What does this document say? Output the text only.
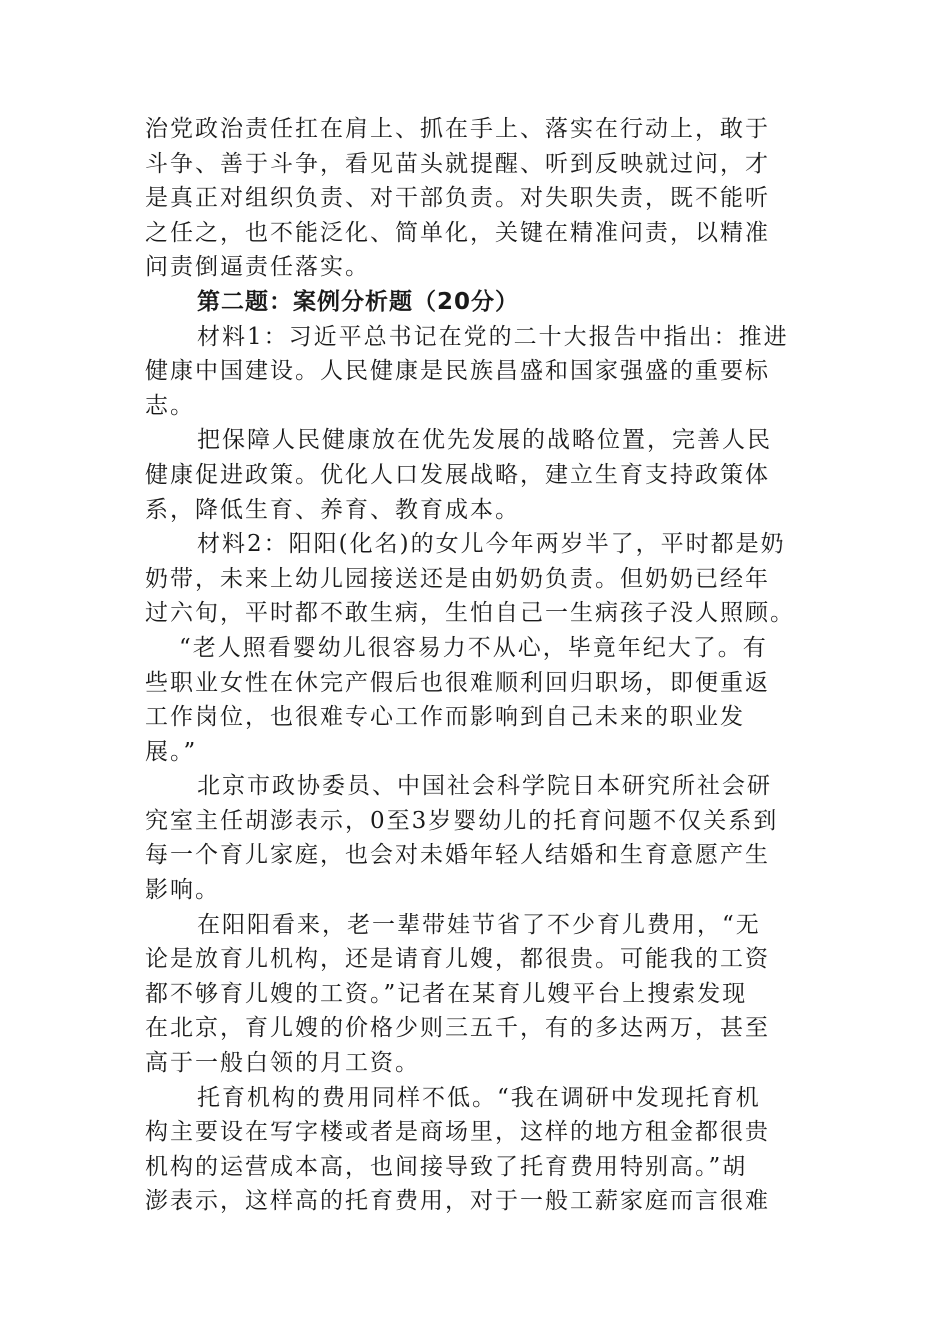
治党政治责任扛在肩上、抓在手上、落实在行动上，敢于
斗争、善于斗争，看见苗头就提醒、听到反映就过问，才
是真正对组织负责、对干部负责。对失职失责，既不能听
之任之，也不能泛化、简单化，关键在精准问责，以精准
问责倒逼责任落实。
第二题：案例分析题（20分）
材料1：习近平总书记在党的二十大报告中指出：推进
健康中国建设。人民健康是民族昌盛和国家强盛的重要标
志。
把保障人民健康放在优先发展的战略位置，完善人民
健康促进政策。优化人口发展战略，建立生育支持政策体
系，降低生育、养育、教育成本。
材料2：阳阳(化名)的女儿今年两岁半了，平时都是奶
奶带，未来上幼儿园接送还是由奶奶负责。但奶奶已经年
过六旬，平时都不敢生病，生怕自己一生病孩子没人照顾。
“老人照看婴幼儿很容易力不从心，毕竟年纪大了。有
些职业女性在休完产假后也很难顺利回归职场，即便重返
工作岗位，也很难专心工作而影响到自己未来的职业发
展。”
北京市政协委员、中国社会科学院日本研究所社会研
究室主任胡澎表示，0至3岁婴幼儿的托育问题不仅关系到
每一个育儿家庭，也会对未婚年轻人结婚和生育意愿产生
影响。
在阳阳看来，老一辈带娃节省了不少育儿费用，“无
论是放育儿机构，还是请育儿嫂，都很贵。可能我的工资
都不够育儿嫂的工资。”记者在某育儿嫂平台上搜索发现
在北京，育儿嫂的价格少则三五千，有的多达两万，甚至
高于一般白领的月工资。
托育机构的费用同样不低。“我在调研中发现托育机
构主要设在写字楼或者是商场里，这样的地方租金都很贵
机构的运营成本高，也间接导致了托育费用特别高。”胡
澎表示，这样高的托育费用，对于一般工薪家庭而言很难
